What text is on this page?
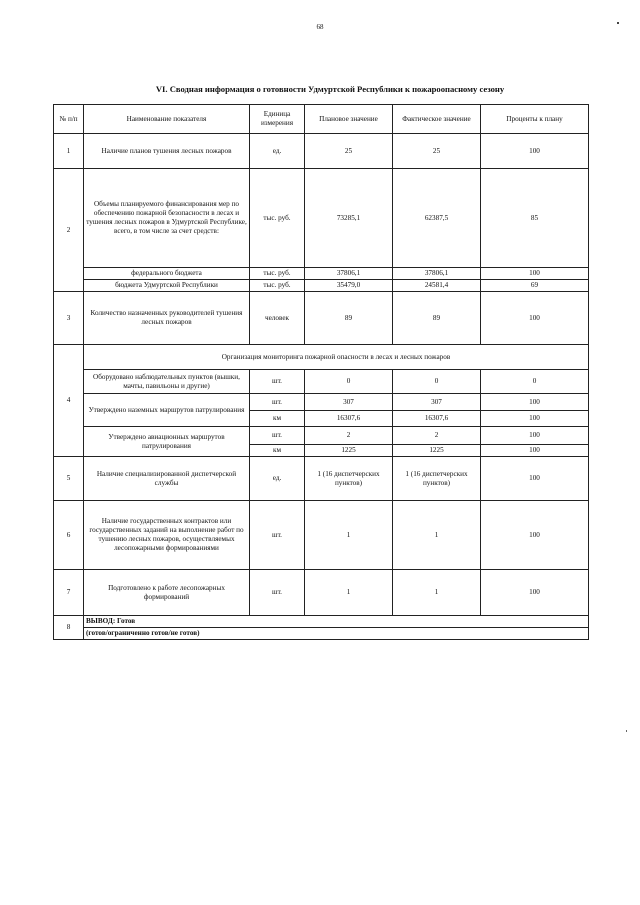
68
VI. Сводная информация о готовности Удмуртской Республики к пожароопасному сезону
№ п/п	Наименование показателя	Единица измерения	Плановое значение	Фактическое значение	Проценты к плану
1	Наличие планов тушения лесных пожаров	ед.	25	25	100
2	Объемы планируемого финансирования мер по обеспечению пожарной безопасности в лесах и тушения лесных пожаров в Удмуртской Республике, всего, в том числе за счет средств:	тыс. руб.	73285,1	62387,5	85
	федерального бюджета	тыс. руб.	37806,1	37806,1	100
	бюджета Удмуртской Республики	тыс. руб.	35479,0	24581,4	69
3	Количество назначенных руководителей тушения лесных пожаров	человек	89	89	100
4	Организация мониторинга пожарной опасности в лесах и лесных пожаров				
	Оборудовано наблюдательных пунктов (вышки, мачты, павильоны и другие)	шт.	0	0	0
	Утверждено наземных маршрутов патрулирования	шт.	307	307	100
		км	16307,6	16307,6	100
	Утверждено авиационных маршрутов патрулирования	шт.	2	2	100
		км	1225	1225	100
5	Наличие специализированной диспетчерской службы	ед.	1 (16 диспетчерских пунктов)	1 (16 диспетчерских пунктов)	100
6	Наличие государственных контрактов или государственных заданий на выполнение работ по тушению лесных пожаров, осуществляемых лесопожарными формированиями	шт.	1	1	100
7	Подготовлено к работе лесопожарных формирований	шт.	1	1	100
8	ВЫВОД: Готов				
	(готов/ограниченно готов/не готов)				
